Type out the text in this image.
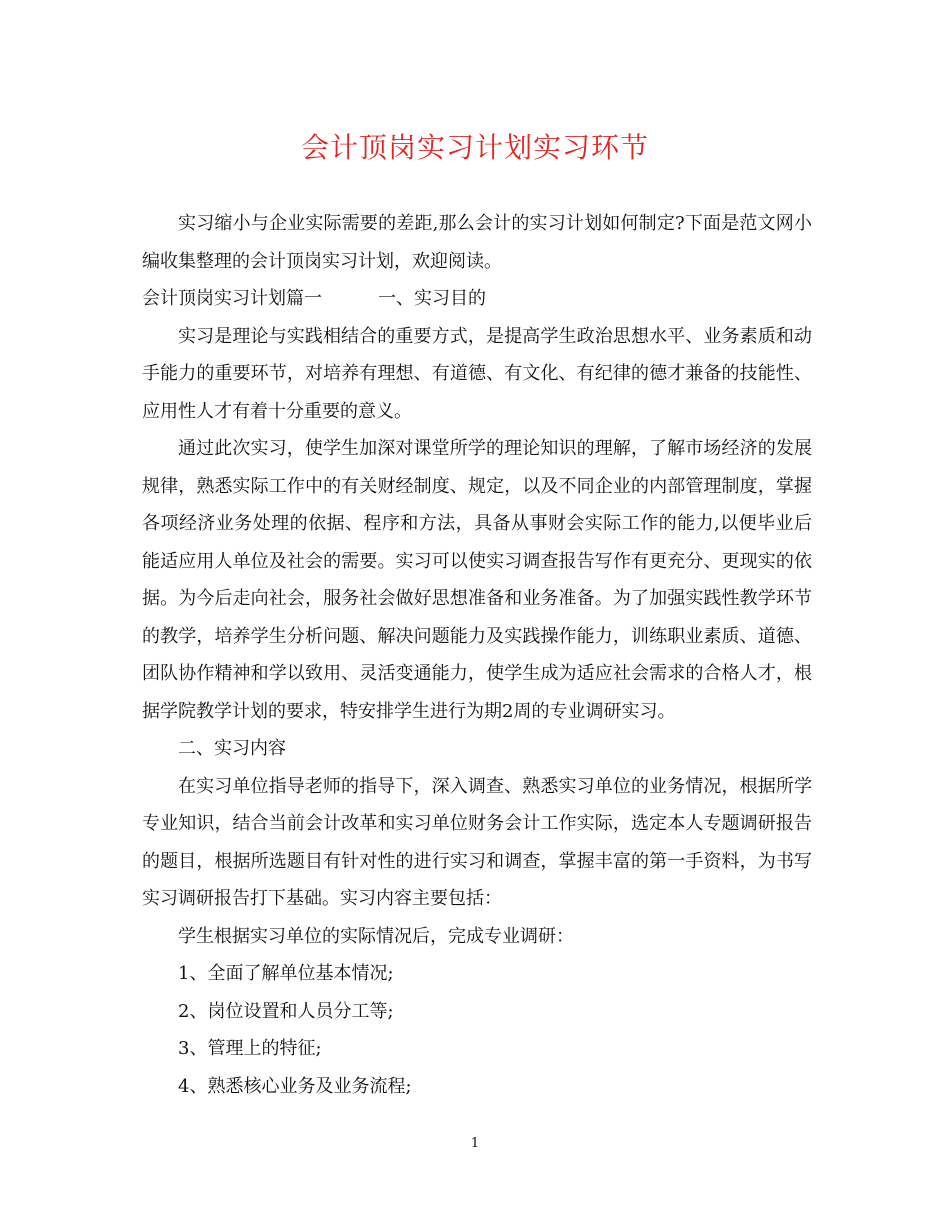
会计顶岗实习计划实习环节

实习缩小与企业实际需要的差距,那么会计的实习计划如何制定?下面是范文网小编收集整理的会计顶岗实习计划，欢迎阅读。

会计顶岗实习计划篇一	一、实习目的

实习是理论与实践相结合的重要方式，是提高学生政治思想水平、业务素质和动手能力的重要环节，对培养有理想、有道德、有文化、有纪律的德才兼备的技能性、应用性人才有着十分重要的意义。

通过此次实习，使学生加深对课堂所学的理论知识的理解，了解市场经济的发展规律，熟悉实际工作中的有关财经制度、规定，以及不同企业的内部管理制度，掌握各项经济业务处理的依据、程序和方法，具备从事财会实际工作的能力,以便毕业后能适应用人单位及社会的需要。实习可以使实习调查报告写作有更充分、更现实的依据。为今后走向社会，服务社会做好思想准备和业务准备。为了加强实践性教学环节的教学，培养学生分析问题、解决问题能力及实践操作能力，训练职业素质、道德、团队协作精神和学以致用、灵活变通能力，使学生成为适应社会需求的合格人才，根据学院教学计划的要求，特安排学生进行为期2周的专业调研实习。

二、实习内容

在实习单位指导老师的指导下，深入调查、熟悉实习单位的业务情况，根据所学专业知识，结合当前会计改革和实习单位财务会计工作实际，选定本人专题调研报告的题目，根据所选题目有针对性的进行实习和调查，掌握丰富的第一手资料，为书写实习调研报告打下基础。实习内容主要包括：

学生根据实习单位的实际情况后，完成专业调研：

1、全面了解单位基本情况;

2、岗位设置和人员分工等;

3、管理上的特征;

4、熟悉核心业务及业务流程;

1
